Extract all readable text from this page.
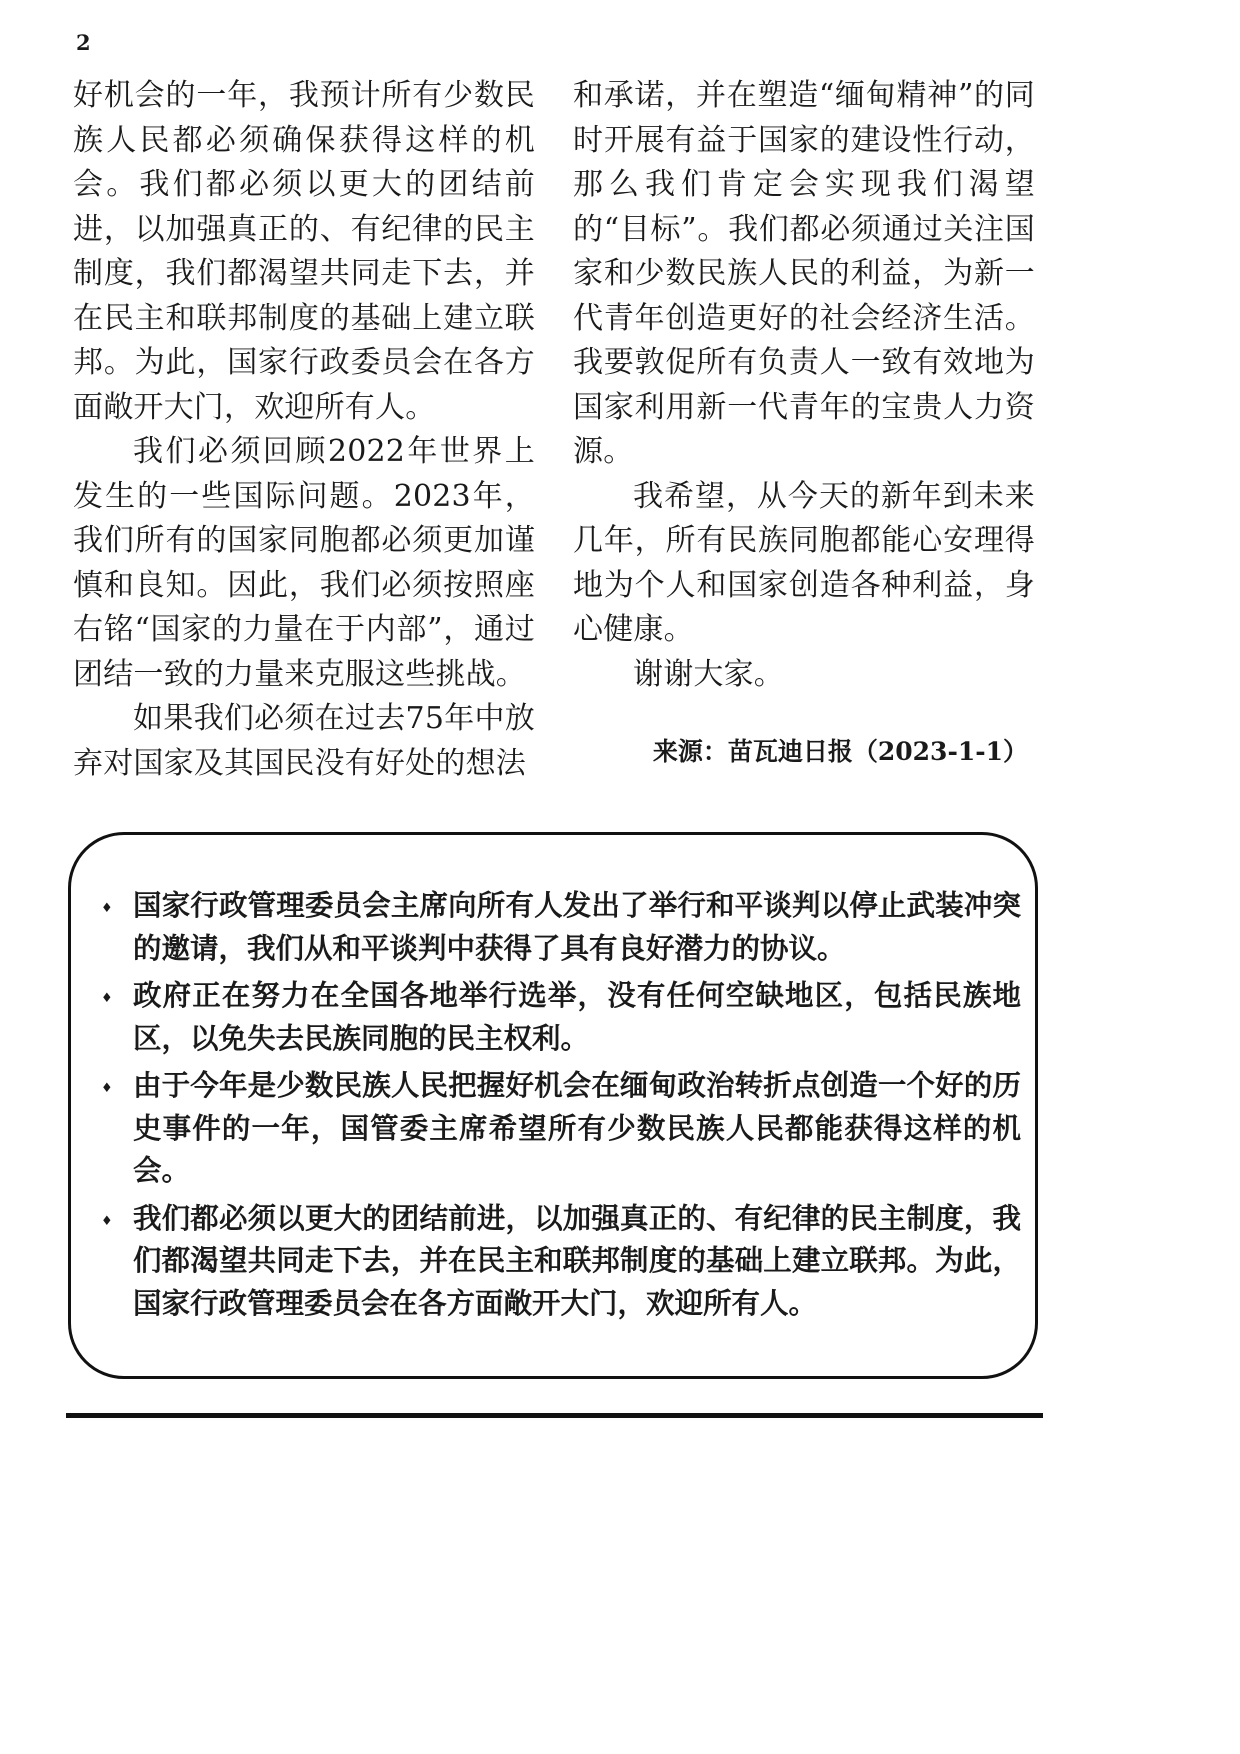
2

好机会的一年，我预计所有少数民族人民都必须确保获得这样的机会。我们都必须以更大的团结前进，以加强真正的、有纪律的民主制度，我们都渴望共同走下去，并在民主和联邦制度的基础上建立联邦。为此，国家行政委员会在各方面敞开大门，欢迎所有人。

我们必须回顾2022年世界上发生的一些国际问题。2023年，我们所有的国家同胞都必须更加谨慎和良知。因此，我们必须按照座右铭“国家的力量在于内部”，通过团结一致的力量来克服这些挑战。

如果我们必须在过去75年中放弃对国家及其国民没有好处的想法

和承诺，并在塑造“缅甸精神”的同时开展有益于国家的建设性行动，那么我们肯定会实现我们渴望的“目标”。我们都必须通过关注国家和少数民族人民的利益，为新一代青年创造更好的社会经济生活。我要敦促所有负责人一致有效地为国家利用新一代青年的宝贵人力资源。

我希望，从今天的新年到未来几年，所有民族同胞都能心安理得地为个人和国家创造各种利益，身心健康。

谢谢大家。

来源：苗瓦迪日报（2023-1-1）
♦ 国家行政管理委员会主席向所有人发出了举行和平谈判以停止武装冲突的邀请，我们从和平谈判中获得了具有良好潜力的协议。
♦ 政府正在努力在全国各地举行选举，没有任何空缺地区，包括民族地区，以免失去民族同胞的民主权利。
♦ 由于今年是少数民族人民把握好机会在缅甸政治转折点创造一个好的历史事件的一年，国管委主席希望所有少数民族人民都能获得这样的机会。
♦ 我们都必须以更大的团结前进，以加强真正的、有纪律的民主制度，我们都渴望共同走下去，并在民主和联邦制度的基础上建立联邦。为此，国家行政管理委员会在各方面敞开大门，欢迎所有人。
